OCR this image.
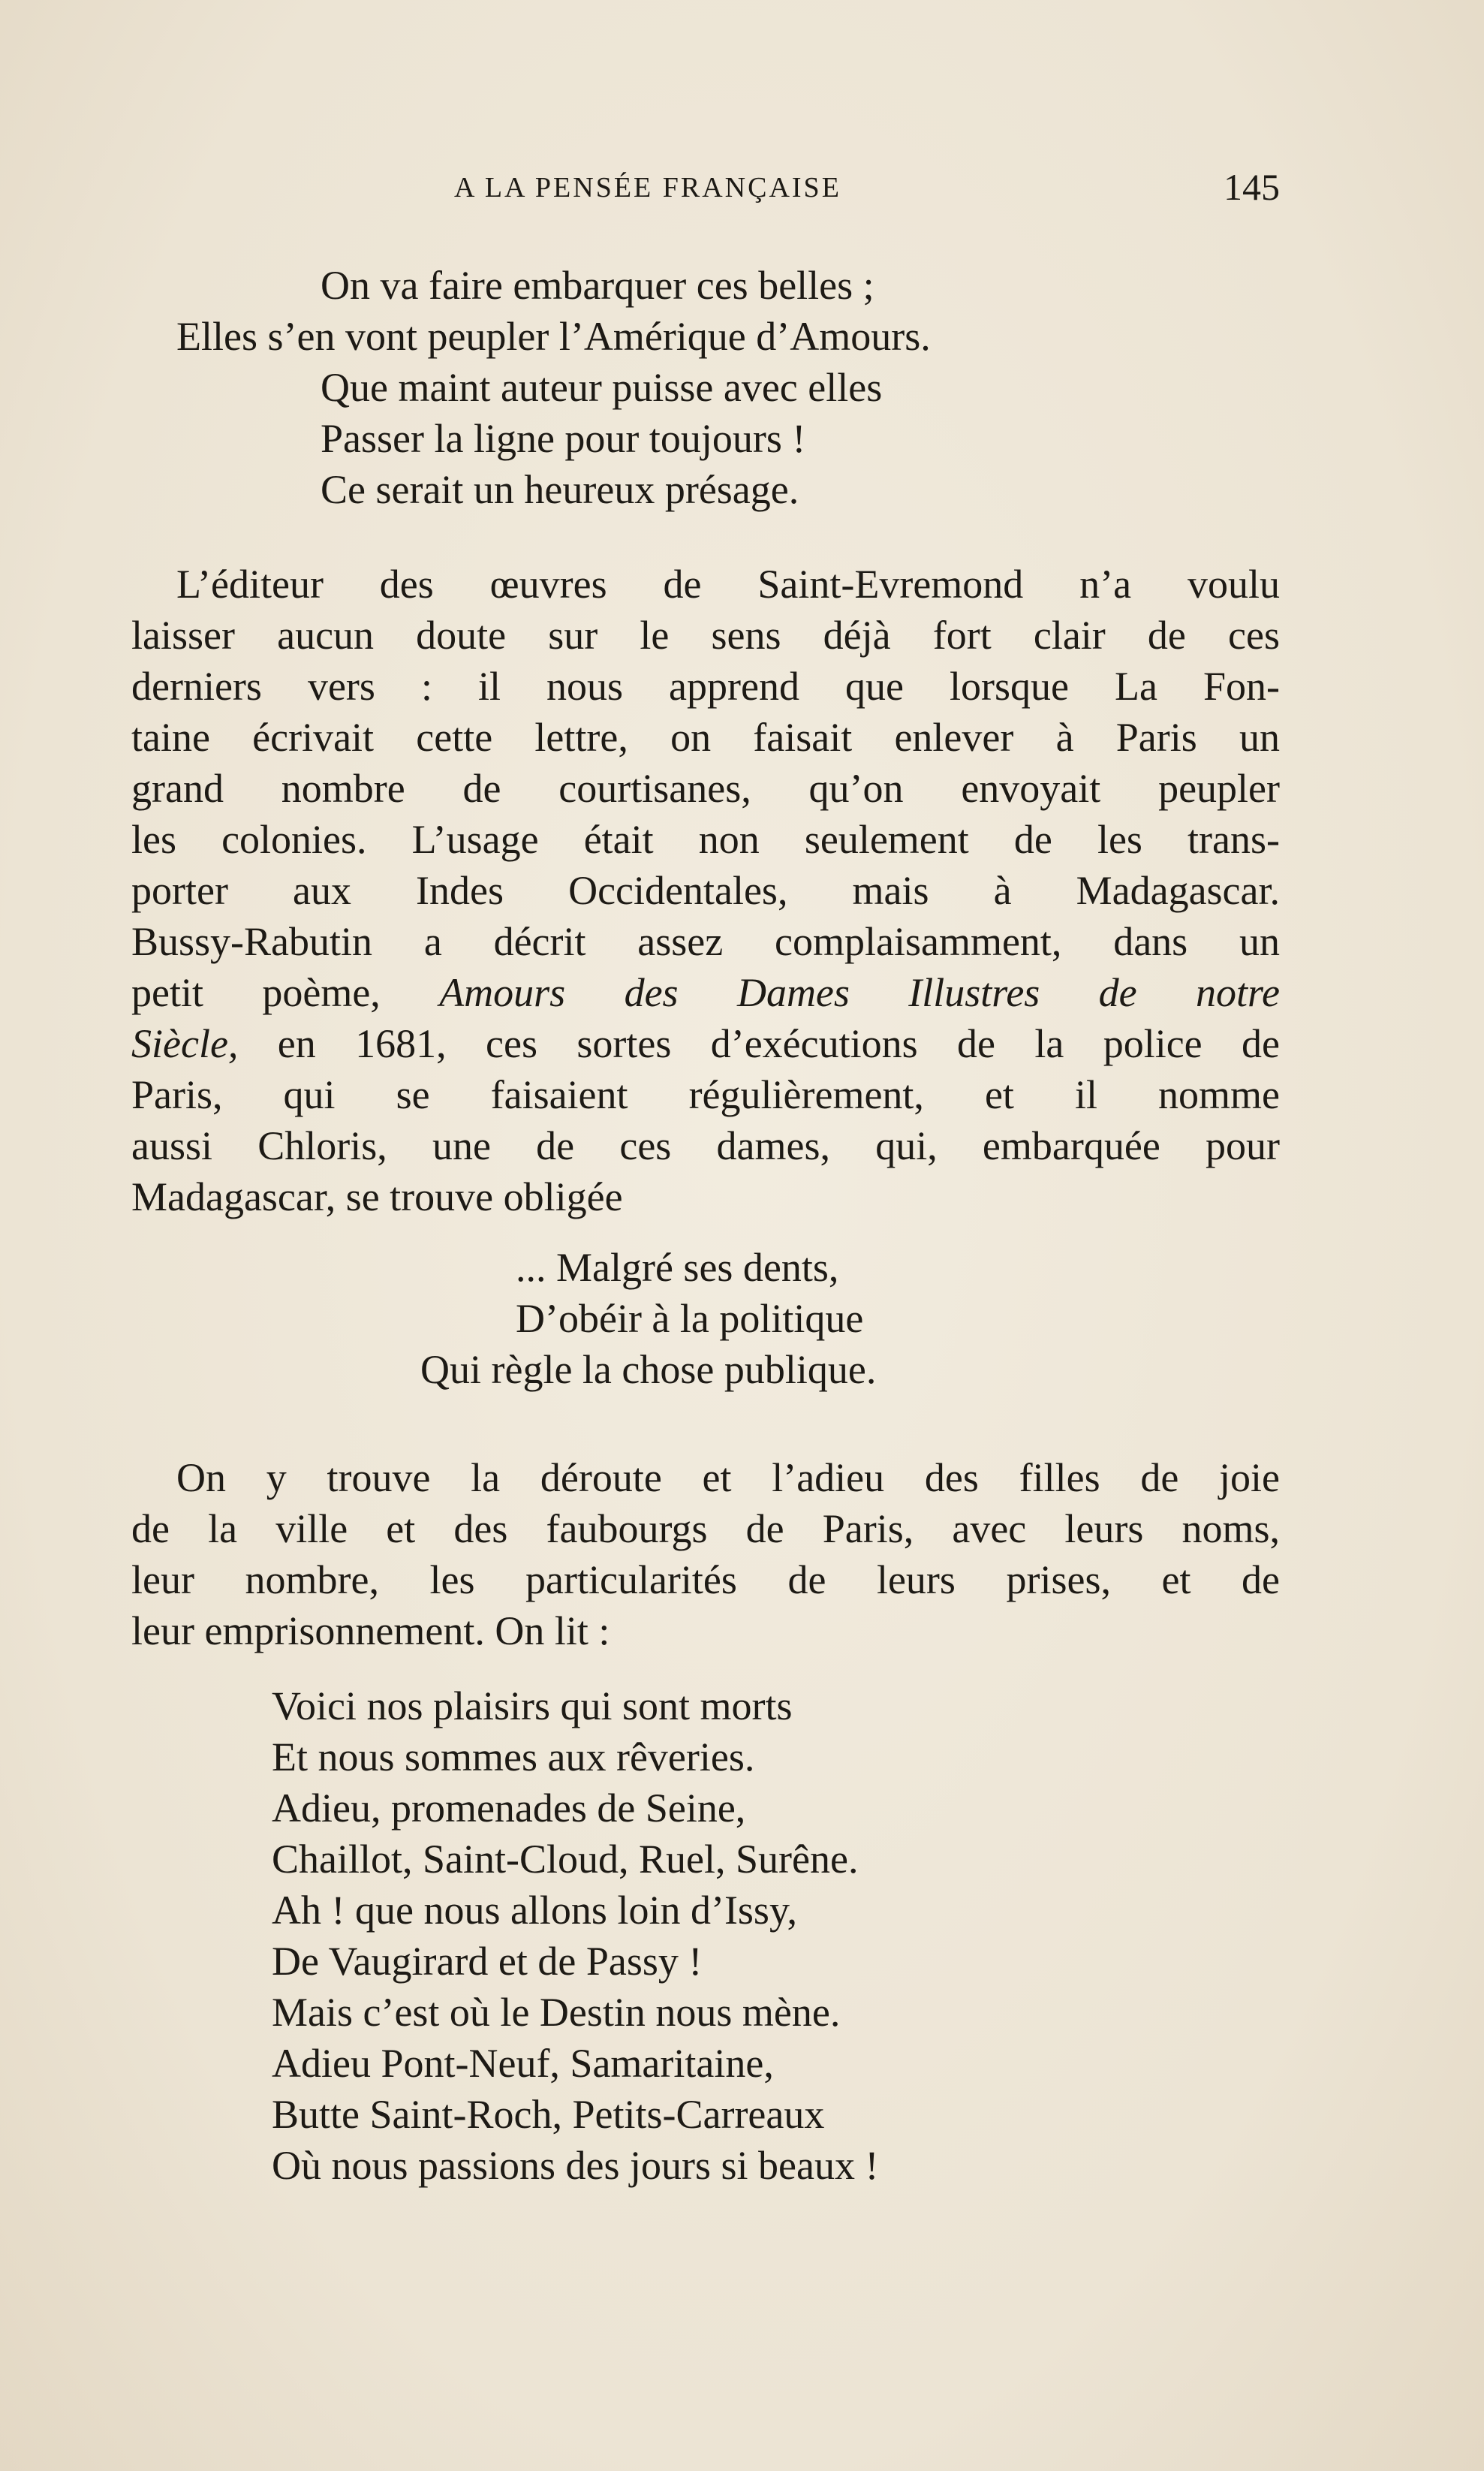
A LA PENSÉE FRANÇAISE	145
On va faire embarquer ces belles ;
Elles s’en vont peupler l’Amérique d’Amours.
Que maint auteur puisse avec elles
Passer la ligne pour toujours !
Ce serait un heureux présage.
L’éditeur des œuvres de Saint-Evremond n’a voulu
laisser aucun doute sur le sens déjà fort clair de ces
derniers vers : il nous apprend que lorsque La Fon-
taine écrivait cette lettre, on faisait enlever à Paris un
grand nombre de courtisanes, qu’on envoyait peupler
les colonies. L’usage était non seulement de les trans-
porter aux Indes Occidentales, mais à Madagascar.
Bussy-Rabutin a décrit assez complaisamment, dans un
petit poème, Amours des Dames Illustres de notre
Siècle, en 1681, ces sortes d’exécutions de la police de
Paris, qui se faisaient régulièrement, et il nomme
aussi Chloris, une de ces dames, qui, embarquée pour
Madagascar, se trouve obligée
... Malgré ses dents,
D’obéir à la politique
Qui règle la chose publique.
On y trouve la déroute et l’adieu des filles de joie
de la ville et des faubourgs de Paris, avec leurs noms,
leur nombre, les particularités de leurs prises, et de
leur emprisonnement. On lit :
Voici nos plaisirs qui sont morts
Et nous sommes aux rêveries.
Adieu, promenades de Seine,
Chaillot, Saint-Cloud, Ruel, Surêne.
Ah ! que nous allons loin d’Issy,
De Vaugirard et de Passy !
Mais c’est où le Destin nous mène.
Adieu Pont-Neuf, Samaritaine,
Butte Saint-Roch, Petits-Carreaux
Où nous passions des jours si beaux !
